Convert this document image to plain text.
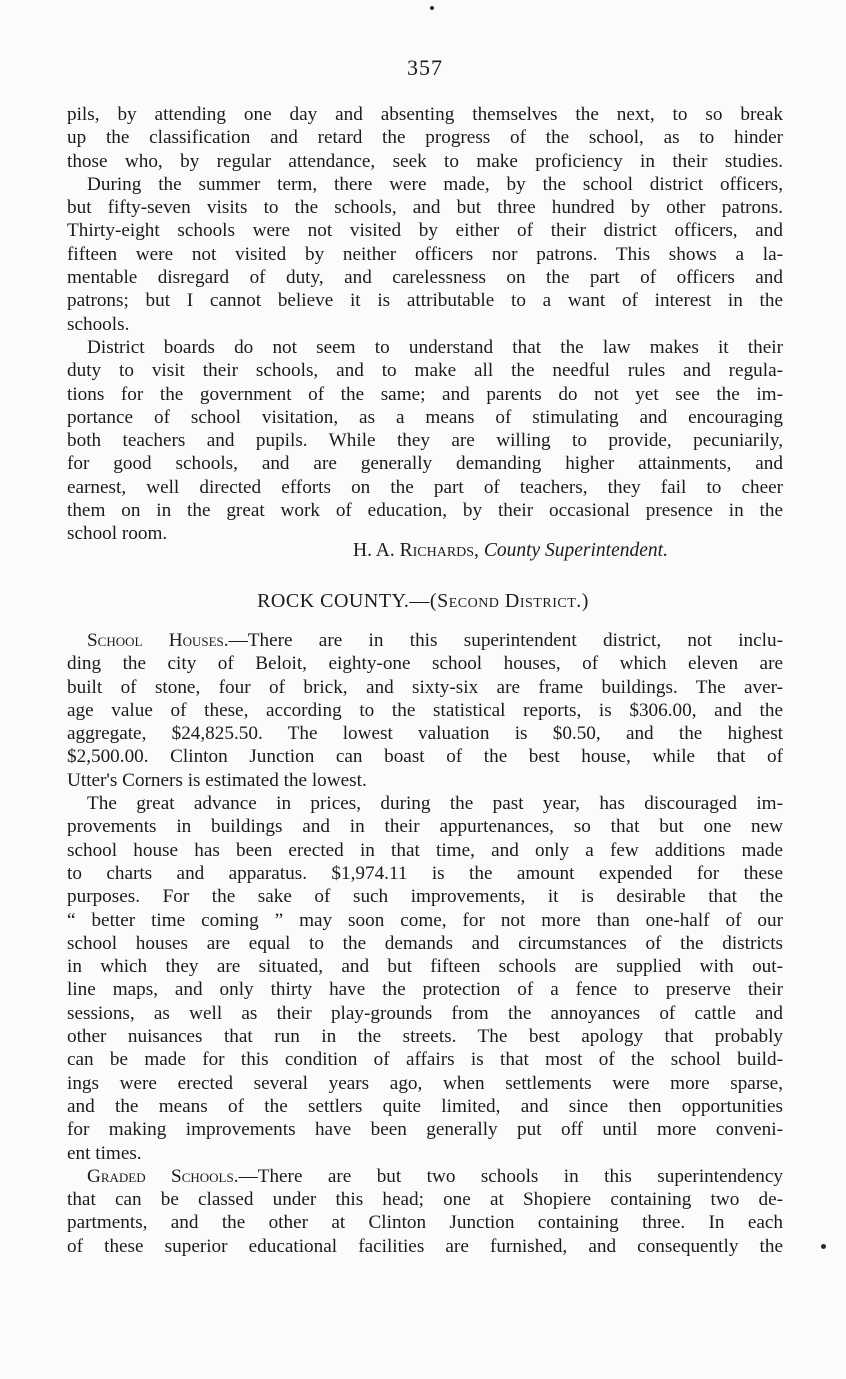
357
pils, by attending one day and absenting themselves the next, to so break
up the classification and retard the progress of the school, as to hinder
those who, by regular attendance, seek to make proficiency in their studies.
During the summer term, there were made, by the school district officers,
but fifty-seven visits to the schools, and but three hundred by other patrons.
Thirty-eight schools were not visited by either of their district officers, and
fifteen were not visited by neither officers nor patrons. This shows a la-
mentable disregard of duty, and carelessness on the part of officers and
patrons; but I cannot believe it is attributable to a want of interest in the
schools.
District boards do not seem to understand that the law makes it their
duty to visit their schools, and to make all the needful rules and regula-
tions for the government of the same; and parents do not yet see the im-
portance of school visitation, as a means of stimulating and encouraging
both teachers and pupils. While they are willing to provide, pecuniarily,
for good schools, and are generally demanding higher attainments, and
earnest, well directed efforts on the part of teachers, they fail to cheer
them on in the great work of education, by their occasional presence in the
school room.
H. A. Richards, County Superintendent.
ROCK COUNTY.—(Second District.)
School Houses.—There are in this superintendent district, not inclu-
ding the city of Beloit, eighty-one school houses, of which eleven are
built of stone, four of brick, and sixty-six are frame buildings. The aver-
age value of these, according to the statistical reports, is $306.00, and the
aggregate, $24,825.50. The lowest valuation is $0.50, and the highest
$2,500.00. Clinton Junction can boast of the best house, while that of
Utter's Corners is estimated the lowest.
The great advance in prices, during the past year, has discouraged im-
provements in buildings and in their appurtenances, so that but one new
school house has been erected in that time, and only a few additions made
to charts and apparatus. $1,974.11 is the amount expended for these
purposes. For the sake of such improvements, it is desirable that the
“ better time coming ” may soon come, for not more than one-half of our
school houses are equal to the demands and circumstances of the districts
in which they are situated, and but fifteen schools are supplied with out-
line maps, and only thirty have the protection of a fence to preserve their
sessions, as well as their play-grounds from the annoyances of cattle and
other nuisances that run in the streets. The best apology that probably
can be made for this condition of affairs is that most of the school build-
ings were erected several years ago, when settlements were more sparse,
and the means of the settlers quite limited, and since then opportunities
for making improvements have been generally put off until more conveni-
ent times.
Graded Schools.—There are but two schools in this superintendency
that can be classed under this head; one at Shopiere containing two de-
partments, and the other at Clinton Junction containing three. In each
of these superior educational facilities are furnished, and consequently the
